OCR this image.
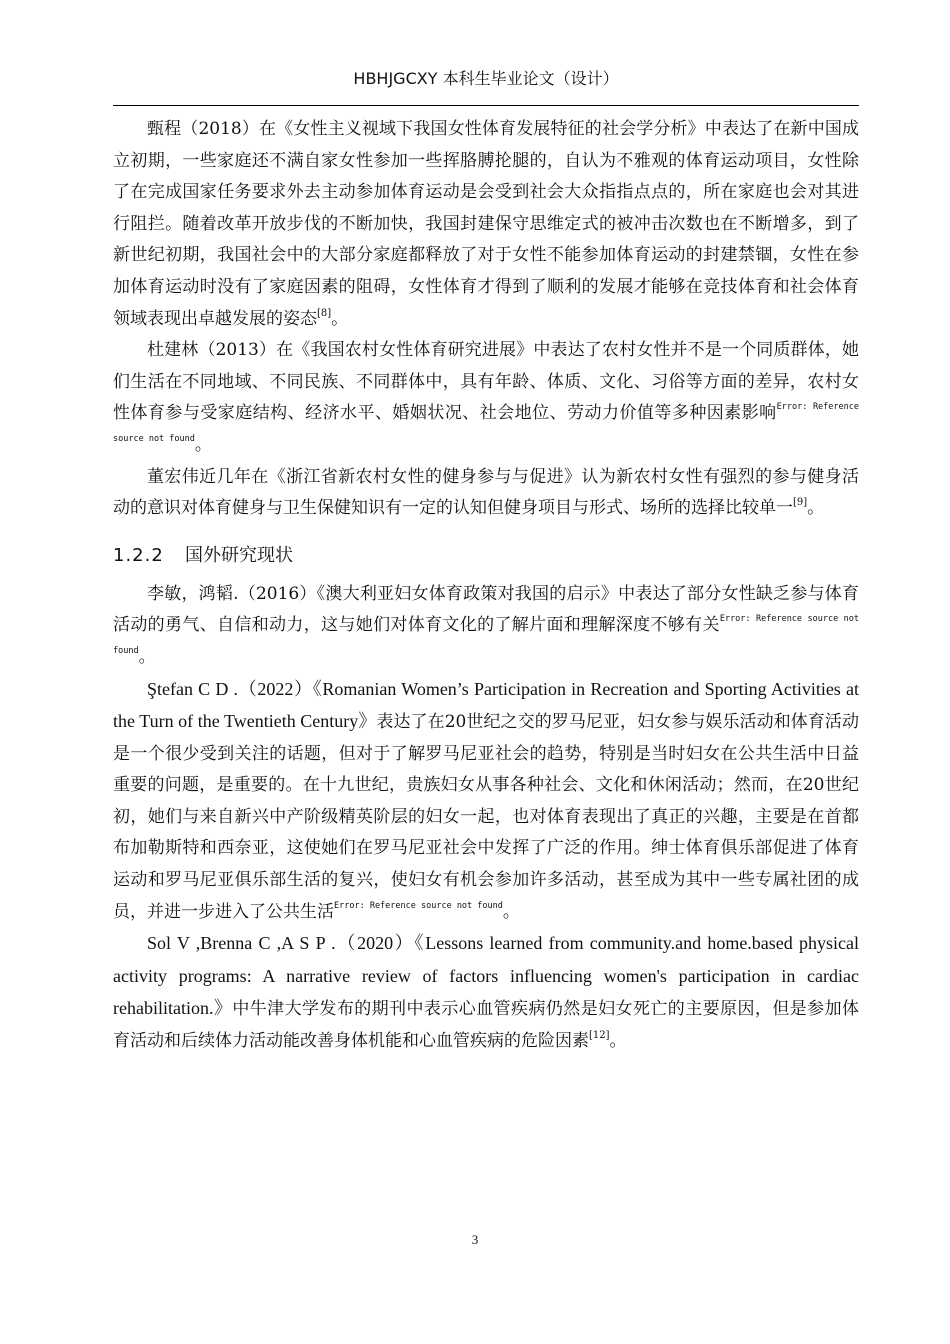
HBHJGCXY 本科生毕业论文（设计）

甄程（2018）在《女性主义视域下我国女性体育发展特征的社会学分析》中表达了在新中国成立初期，一些家庭还不满自家女性参加一些挥胳膊抡腿的，自认为不雅观的体育运动项目，女性除了在完成国家任务要求外去主动参加体育运动是会受到社会大众指指点点的，所在家庭也会对其进行阻拦。随着改革开放步伐的不断加快，我国封建保守思维定式的被冲击次数也在不断增多，到了新世纪初期，我国社会中的大部分家庭都释放了对于女性不能参加体育运动的封建禁锢，女性在参加体育运动时没有了家庭因素的阻碍，女性体育才得到了顺利的发展才能够在竞技体育和社会体育领域表现出卓越发展的姿态[8]。

杜建林（2013）在《我国农村女性体育研究进展》中表达了农村女性并不是一个同质群体，她们生活在不同地域、不同民族、不同群体中，具有年龄、体质、文化、习俗等方面的差异，农村女性体育参与受家庭结构、经济水平、婚姻状况、社会地位、劳动力价值等多种因素影响$^{Error: Reference source not found}$。

董宏伟近几年在《浙江省新农村女性的健身参与与促进》认为新农村女性有强烈的参与健身活动的意识对体育健身与卫生保健知识有一定的认知但健身项目与形式、场所的选择比较单一[9]。

1.2.2 国外研究现状

李敏，鸿韬.（2016）《澳大利亚妇女体育政策对我国的启示》中表达了部分女性缺乏参与体育活动的勇气、自信和动力，这与她们对体育文化的了解片面和理解深度不够有关$^{Error: Reference source not found}$。

Ştefan C D .（2022）《Romanian Women’s Participation in Recreation and Sporting Activities at the Turn of the Twentieth Century》表达了在20世纪之交的罗马尼亚，妇女参与娱乐活动和体育活动是一个很少受到关注的话题，但对于了解罗马尼亚社会的趋势，特别是当时妇女在公共生活中日益重要的问题，是重要的。在十九世纪，贵族妇女从事各种社会、文化和休闲活动；然而，在20世纪初，她们与来自新兴中产阶级精英阶层的妇女一起，也对体育表现出了真正的兴趣，主要是在首都布加勒斯特和西奈亚，这使她们在罗马尼亚社会中发挥了广泛的作用。绅士体育俱乐部促进了体育运动和罗马尼亚俱乐部生活的复兴，使妇女有机会参加许多活动，甚至成为其中一些专属社团的成员，并进一步进入了公共生活$^{Error: Reference source not found}$。

Sol V ,Brenna C ,A S P .（2020）《Lessons learned from community.and home.based physical activity programs: A narrative review of factors influencing women's participation in cardiac rehabilitation.》中牛津大学发布的期刊中表示心血管疾病仍然是妇女死亡的主要原因，但是参加体育活动和后续体力活动能改善身体机能和心血管疾病的危险因素[12]。

3
